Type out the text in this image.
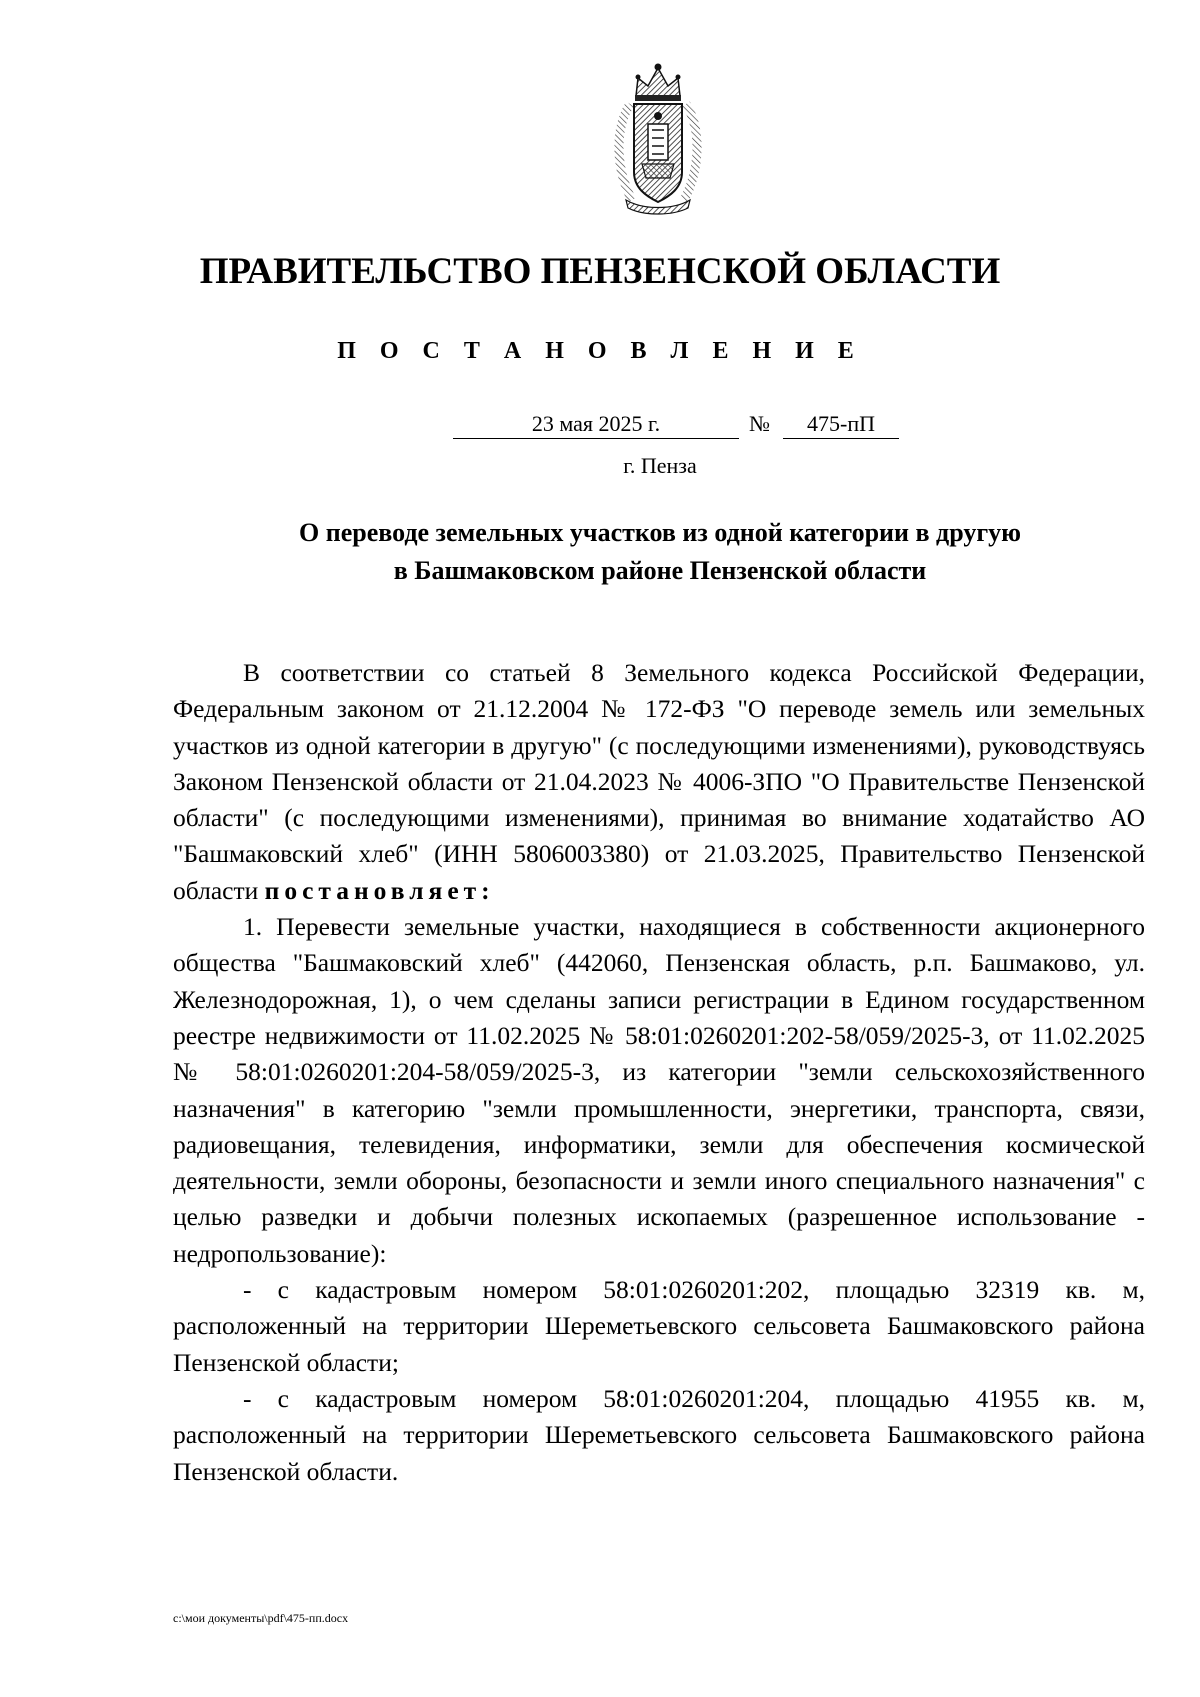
ПРАВИТЕЛЬСТВО ПЕНЗЕНСКОЙ ОБЛАСТИ
П О С Т А Н О В Л Е Н И Е
23 мая 2025 г.	№	475-пП
г. Пенза
О переводе земельных участков из одной категории в другую
в Башмаковском районе Пензенской области

В соответствии со статьей 8 Земельного кодекса Российской Федерации, Федеральным законом от 21.12.2004 № 172-ФЗ "О переводе земель или земельных участков из одной категории в другую" (с последующими изменениями), руководствуясь Законом Пензенской области от 21.04.2023 № 4006-ЗПО "О Правительстве Пензенской области" (с последующими изменениями), принимая во внимание ходатайство АО "Башмаковский хлеб" (ИНН 5806003380) от 21.03.2025, Правительство Пензенской области постановляет:

1. Перевести земельные участки, находящиеся в собственности акционерного общества "Башмаковский хлеб" (442060, Пензенская область, р.п. Башмаково, ул. Железнодорожная, 1), о чем сделаны записи регистрации в Едином государственном реестре недвижимости от 11.02.2025 № 58:01:0260201:202-58/059/2025-3, от 11.02.2025 № 58:01:0260201:204-58/059/2025-3, из категории "земли сельскохозяйственного назначения" в категорию "земли промышленности, энергетики, транспорта, связи, радиовещания, телевидения, информатики, земли для обеспечения космической деятельности, земли обороны, безопасности и земли иного специального назначения" с целью разведки и добычи полезных ископаемых (разрешенное использование - недропользование):

- с кадастровым номером 58:01:0260201:202, площадью 32319 кв. м, расположенный на территории Шереметьевского сельсовета Башмаковского района Пензенской области;

- с кадастровым номером 58:01:0260201:204, площадью 41955 кв. м, расположенный на территории Шереметьевского сельсовета Башмаковского района Пензенской области.

c:\мои документы\pdf\475-пп.docx
